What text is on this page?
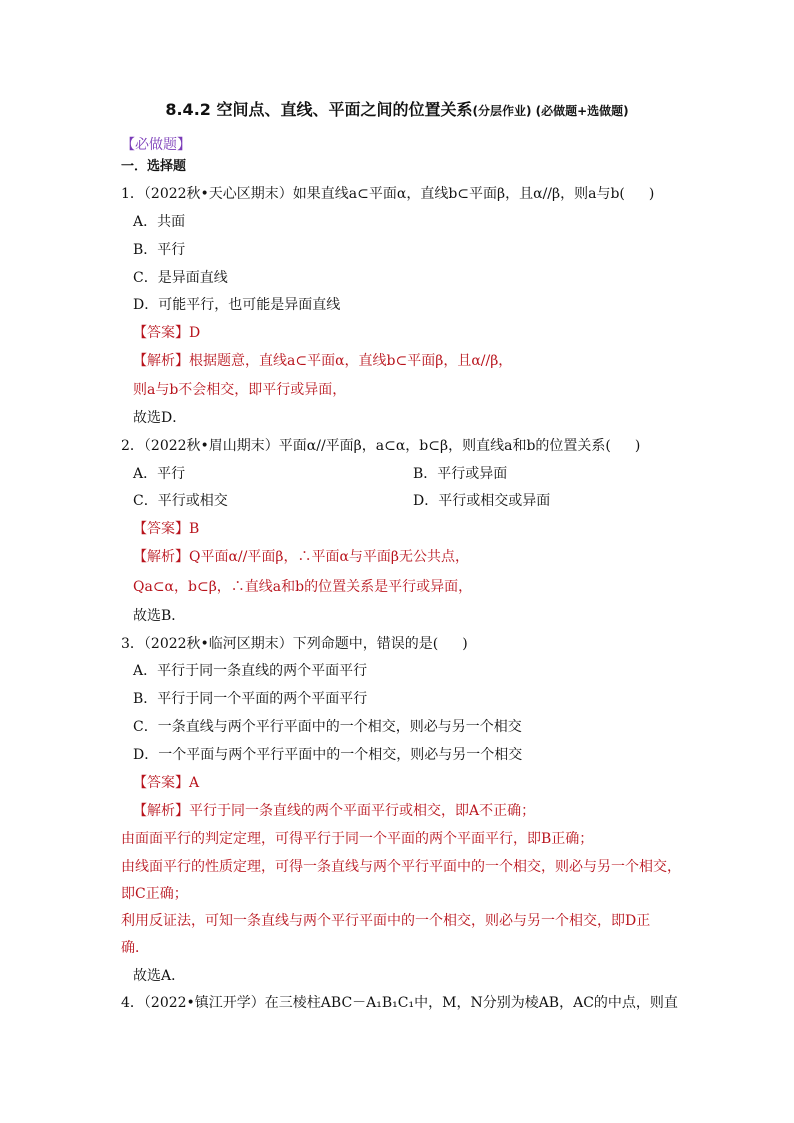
8.4.2 空间点、直线、平面之间的位置关系(分层作业) (必做题+选做题)
【必做题】
一．选择题
1．（2022秋•天心区期末）如果直线a⊂平面α，直线b⊂平面β，且α//β，则a与b( )
A．共面
B．平行
C．是异面直线
D．可能平行，也可能是异面直线
【答案】D
【解析】根据题意，直线a⊂平面α，直线b⊂平面β，且α//β，
则a与b不会相交，即平行或异面，
故选D．
2．（2022秋•眉山期末）平面α//平面β，a⊂α，b⊂β，则直线a和b的位置关系( )
A．平行	B．平行或异面
C．平行或相交	D．平行或相交或异面
【答案】B
【解析】Q平面α//平面β，∴平面α与平面β无公共点，
Qa⊂α，b⊂β，∴直线a和b的位置关系是平行或异面，
故选B．
3．（2022秋•临河区期末）下列命题中，错误的是( )
A．平行于同一条直线的两个平面平行
B．平行于同一个平面的两个平面平行
C．一条直线与两个平行平面中的一个相交，则必与另一个相交
D．一个平面与两个平行平面中的一个相交，则必与另一个相交
【答案】A
【解析】平行于同一条直线的两个平面平行或相交，即A不正确；
由面面平行的判定定理，可得平行于同一个平面的两个平面平行，即B正确；
由线面平行的性质定理，可得一条直线与两个平行平面中的一个相交，则必与另一个相交，
即C正确；
利用反证法，可知一条直线与两个平行平面中的一个相交，则必与另一个相交，即D正
确．
故选A．
4．（2022•镇江开学）在三棱柱ABC－A₁B₁C₁中，M，N分别为棱AB，AC的中点，则直
